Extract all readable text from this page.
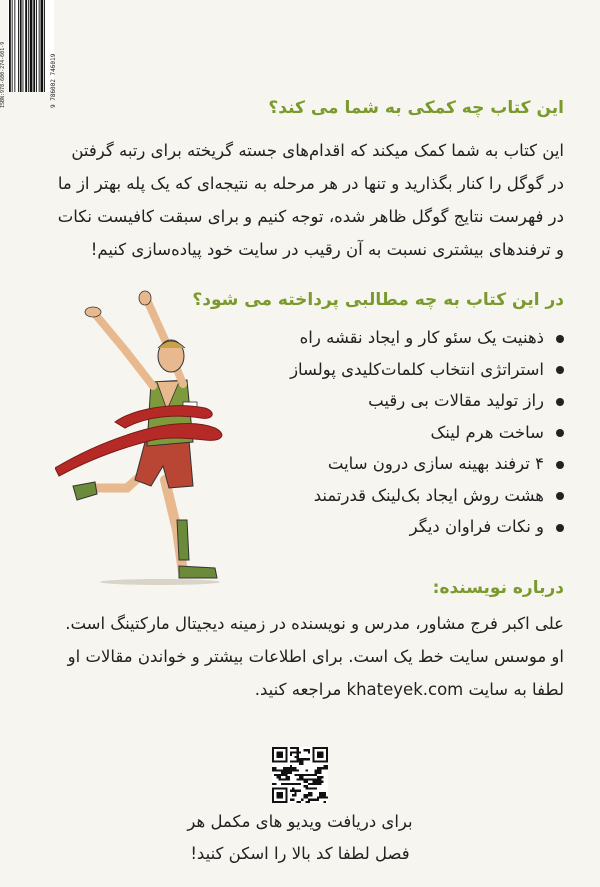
ISBN:978-600-274-601-9	9 786002 746019	این کتاب چه کمکی به شما می کند؟

این کتاب به شما کمک میکند که اقدام‌های جسته گریخته برای رتبه گرفتن

در گوگل را کنار بگذارید و تنها در هر مرحله به نتیجه‌ای که یک پله بهتر از ما

در فهرست نتایج گوگل ظاهر شده، توجه کنیم و برای سبقت کافیست نکات

و ترفندهای بیشتری نسبت به آن رقیب در سایت خود پیاده‌سازی کنیم!

در این کتاب به چه مطالبی پرداخته می شود؟
ذهنیت یک سئو کار و ایجاد نقشه راه
استراتژی انتخاب کلمات‌کلیدی پولساز
راز تولید مقالات بی رقیب
ساخت هرم لینک
۴ ترفند بهینه سازی درون سایت
هشت روش ایجاد بک‌لینک قدرتمند
و نکات فراوان دیگر
درباره نویسنده:

علی اکبر فرج مشاور، مدرس و نویسنده در زمینه دیجیتال مارکتینگ است.

او موسس سایت خط یک است. برای اطلاعات بیشتر و خواندن مقالات او

لطفا به سایت khateyek.com مراجعه کنید.

برای دریافت ویدیو های مکمل هر

فصل لطفا کد بالا را اسکن کنید!
